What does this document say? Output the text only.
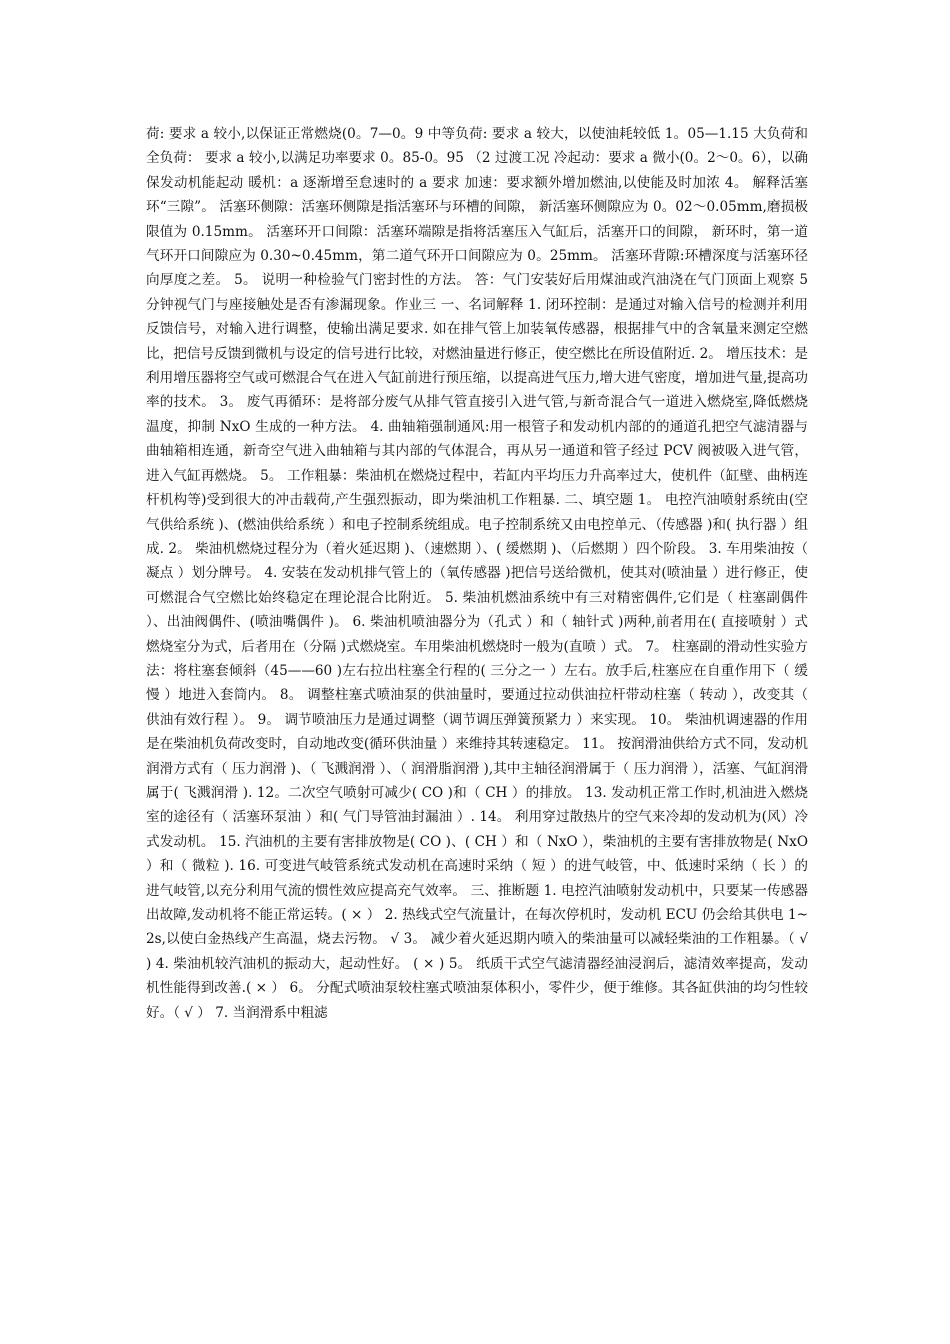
荷: 要求 a 较小,以保证正常燃烧(0。7—0。9 中等负荷: 要求 a 较大，以使油耗较低 1。05—1.15 大负荷和全负荷： 要求 a 较小,以满足功率要求 0。85-0。95 （2 过渡工况 冷起动：要求 a 微小(0。2～0。6），以确保发动机能起动 暖机：a 逐渐增至怠速时的 a 要求 加速：要求额外增加燃油,以使能及时加浓 4。 解释活塞环“三隙”。 活塞环侧隙：活塞环侧隙是指活塞环与环槽的间隙， 新活塞环侧隙应为 0。02～0.05mm,磨损极限值为 0.15mm。 活塞环开口间隙：活塞环端隙是指将活塞压入气缸后，活塞开口的间隙， 新环时，第一道气环开口间隙应为 0.30~0.45mm，第二道气环开口间隙应为 0。25mm。 活塞环背隙:环槽深度与活塞环径向厚度之差。 5。 说明一种检验气门密封性的方法。 答：气门安装好后用煤油或汽油浇在气门顶面上观察 5 分钟视气门与座接触处是否有渗漏现象。作业三 一、名词解释 1. 闭环控制：是通过对输入信号的检测并利用反馈信号，对输入进行调整，使输出满足要求. 如在排气管上加装氧传感器，根据排气中的含氧量来测定空燃比，把信号反馈到微机与设定的信号进行比较，对燃油量进行修正，使空燃比在所设值附近. 2。 增压技术：是利用增压器将空气或可燃混合气在进入气缸前进行预压缩，以提高进气压力,增大进气密度，增加进气量,提高功率的技术。 3。 废气再循环：是将部分废气从排气管直接引入进气管,与新奇混合气一道进入燃烧室,降低燃烧温度，抑制 NxO 生成的一种方法。 4. 曲轴箱强制通风:用一根管子和发动机内部的的通道孔把空气滤清器与曲轴箱相连通，新奇空气进入曲轴箱与其内部的气体混合，再从另一通道和管子经过 PCV 阀被吸入进气管，进入气缸再燃烧。 5。 工作粗暴：柴油机在燃烧过程中，若缸内平均压力升高率过大，使机件（缸壁、曲柄连杆机构等)受到很大的冲击载荷,产生强烈振动，即为柴油机工作粗暴. 二、填空题 1。 电控汽油喷射系统由(空气供给系统 )、(燃油供给系统 ）和电子控制系统组成。电子控制系统又由电控单元、（传感器 )和( 执行器 ）组成. 2。 柴油机燃烧过程分为（着火延迟期 )、（速燃期 ）、( 缓燃期 )、（后燃期 ）四个阶段。 3. 车用柴油按（ 凝点 ）划分牌号。 4. 安装在发动机排气管上的（氧传感器 )把信号送给微机，使其对(喷油量 ）进行修正，使可燃混合气空燃比始终稳定在理论混合比附近。 5. 柴油机燃油系统中有三对精密偶件,它们是（ 柱塞副偶件 ）、出油阀偶件、(喷油嘴偶件 )。 6. 柴油机喷油器分为（孔式 ）和（ 轴针式 )两种,前者用在( 直接喷射 ）式燃烧室分为式，后者用在（分隔 )式燃烧室。车用柴油机燃烧时一般为(直喷 ）式。 7。 柱塞副的滑动性实验方法：将柱塞套倾斜（45——60 )左右拉出柱塞全行程的( 三分之一 ）左右。放手后,柱塞应在自重作用下（ 缓慢 ）地进入套筒内。 8。 调整柱塞式喷油泵的供油量时，要通过拉动供油拉杆带动柱塞（ 转动 ），改变其（ 供油有效行程 ）。 9。 调节喷油压力是通过调整（调节调压弹簧预紧力 ）来实现。 10。 柴油机调速器的作用是在柴油机负荷改变时，自动地改变(循环供油量 ）来维持其转速稳定。 11。 按润滑油供给方式不同，发动机润滑方式有（ 压力润滑 )、（ 飞溅润滑 ）、（ 润滑脂润滑 ),其中主轴径润滑属于（ 压力润滑 ），活塞、气缸润滑属于( 飞溅润滑 ). 12。二次空气喷射可减少( CO )和（ CH ）的排放。 13. 发动机正常工作时,机油进入燃烧室的途径有（ 活塞环泵油 ）和( 气门导管油封漏油 ）. 14。 利用穿过散热片的空气来冷却的发动机为(风）冷式发动机。 15. 汽油机的主要有害排放物是( CO )、( CH ）和（ NxO ），柴油机的主要有害排放物是( NxO ）和（ 微粒 ). 16. 可变进气岐管系统式发动机在高速时采纳（ 短 ）的进气岐管，中、低速时采纳（ 长 ）的进气岐管,以充分利用气流的惯性效应提高充气效率。 三、推断题 1. 电控汽油喷射发动机中，只要某一传感器出故障,发动机将不能正常运转。( × ） 2. 热线式空气流量计，在每次停机时，发动机 ECU 仍会给其供电 1~2s,以使白金热线产生高温，烧去污物。 √ 3。 减少着火延迟期内喷入的柴油量可以减轻柴油的工作粗暴。（ √ ) 4. 柴油机较汽油机的振动大，起动性好。 ( × ) 5。 纸质干式空气滤清器经油浸润后，滤清效率提高，发动机性能得到改善.( × ） 6。 分配式喷油泵较柱塞式喷油泵体积小，零件少，便于维修。其各缸供油的均匀性较好。（ √ ） 7. 当润滑系中粗滤
